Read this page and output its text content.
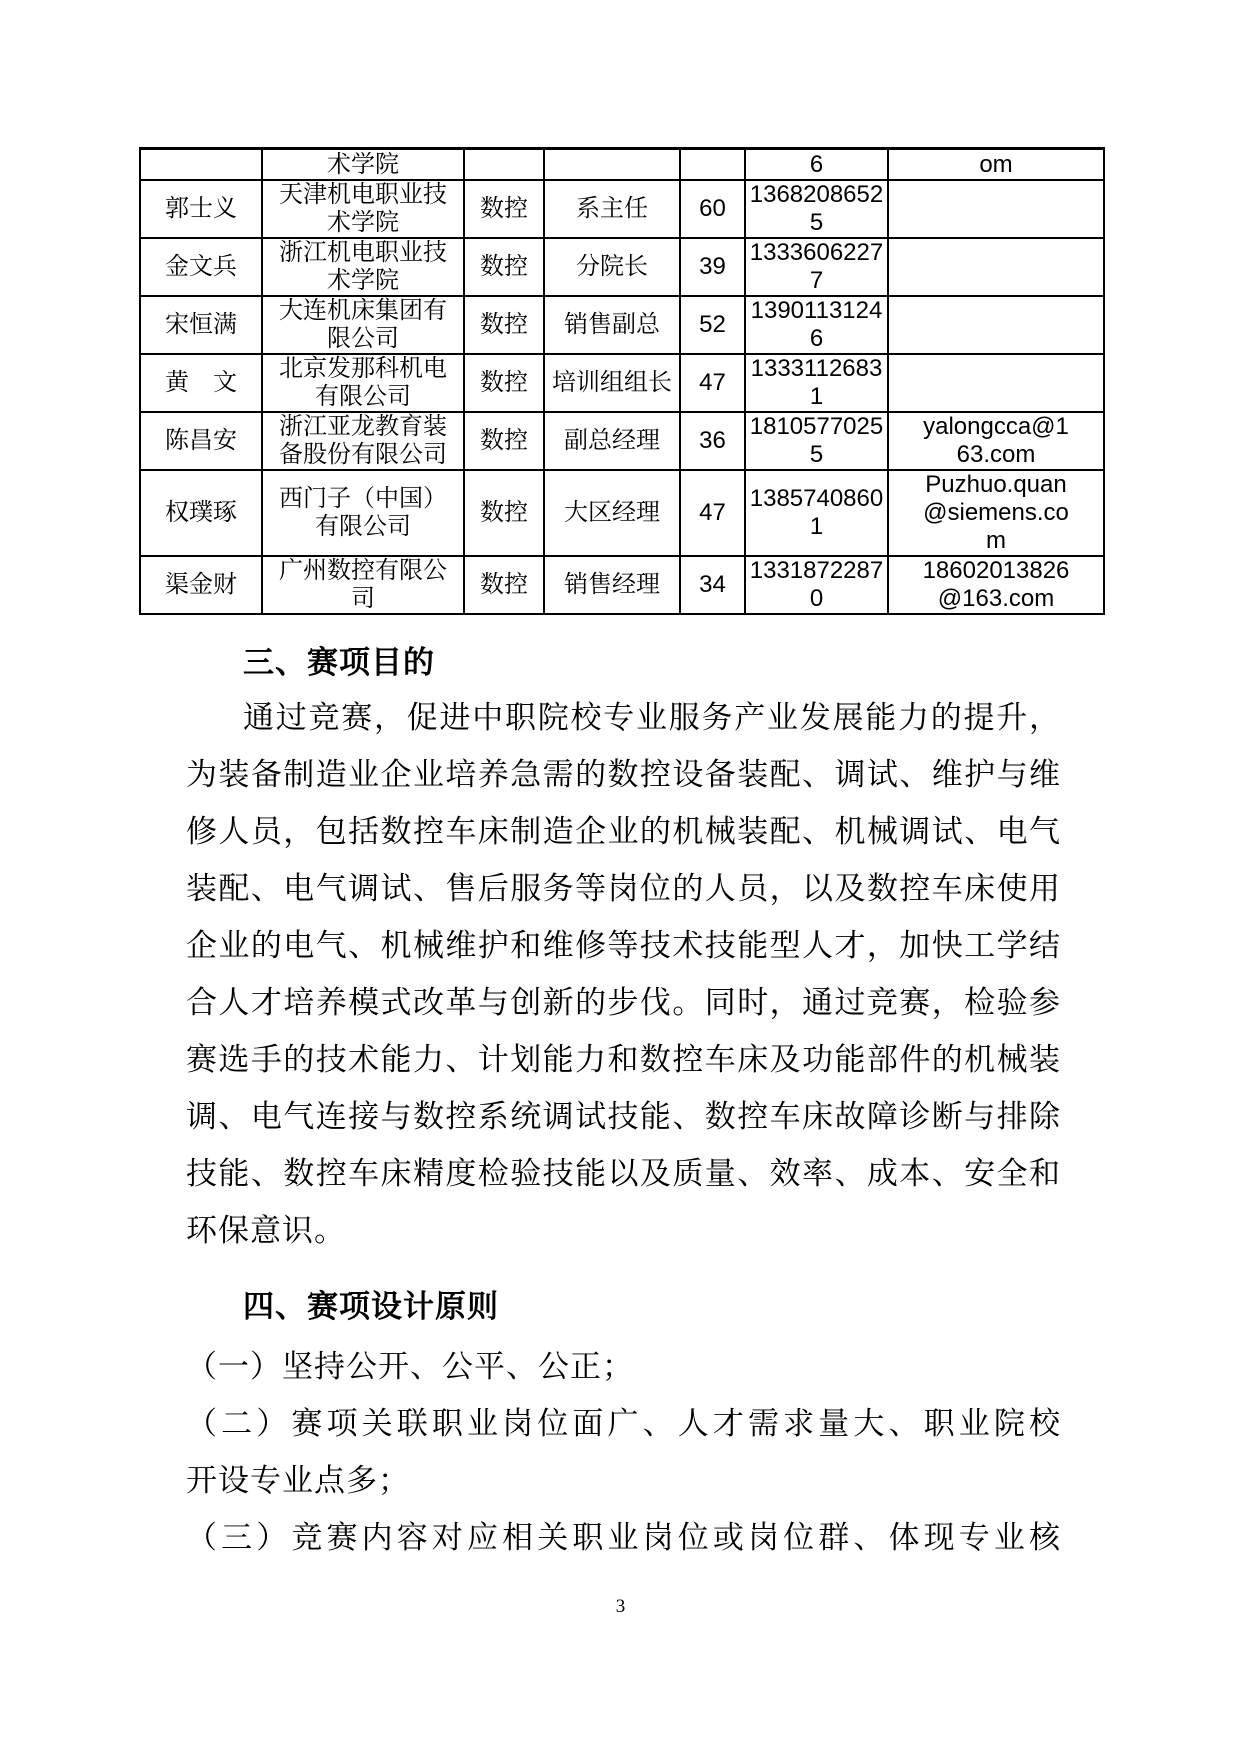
	术学院				6	om
郭士义	天津机电职业技术学院	数控	系主任	60	13682086525	
金文兵	浙江机电职业技术学院	数控	分院长	39	13336062277	
宋恒满	大连机床集团有限公司	数控	销售副总	52	13901131246	
黄　文	北京发那科机电有限公司	数控	培训组组长	47	13331126831	
陈昌安	浙江亚龙教育装备股份有限公司	数控	副总经理	36	18105770255	yalongcca@163.com
权璞琢	西门子（中国）有限公司	数控	大区经理	47	13857408601	Puzhuo.quan@siemens.com
渠金财	广州数控有限公司	数控	销售经理	34	13318722870	18602013826@163.com
三、赛项目的
通过竞赛，促进中职院校专业服务产业发展能力的提升，
为装备制造业企业培养急需的数控设备装配、调试、维护与维
修人员，包括数控车床制造企业的机械装配、机械调试、电气
装配、电气调试、售后服务等岗位的人员，以及数控车床使用
企业的电气、机械维护和维修等技术技能型人才，加快工学结
合人才培养模式改革与创新的步伐。同时，通过竞赛，检验参
赛选手的技术能力、计划能力和数控车床及功能部件的机械装
调、电气连接与数控系统调试技能、数控车床故障诊断与排除
技能、数控车床精度检验技能以及质量、效率、成本、安全和
环保意识。
四、赛项设计原则
（一）坚持公开、公平、公正；
（二）赛项关联职业岗位面广、人才需求量大、职业院校
开设专业点多；
（三）竞赛内容对应相关职业岗位或岗位群、体现专业核
3
